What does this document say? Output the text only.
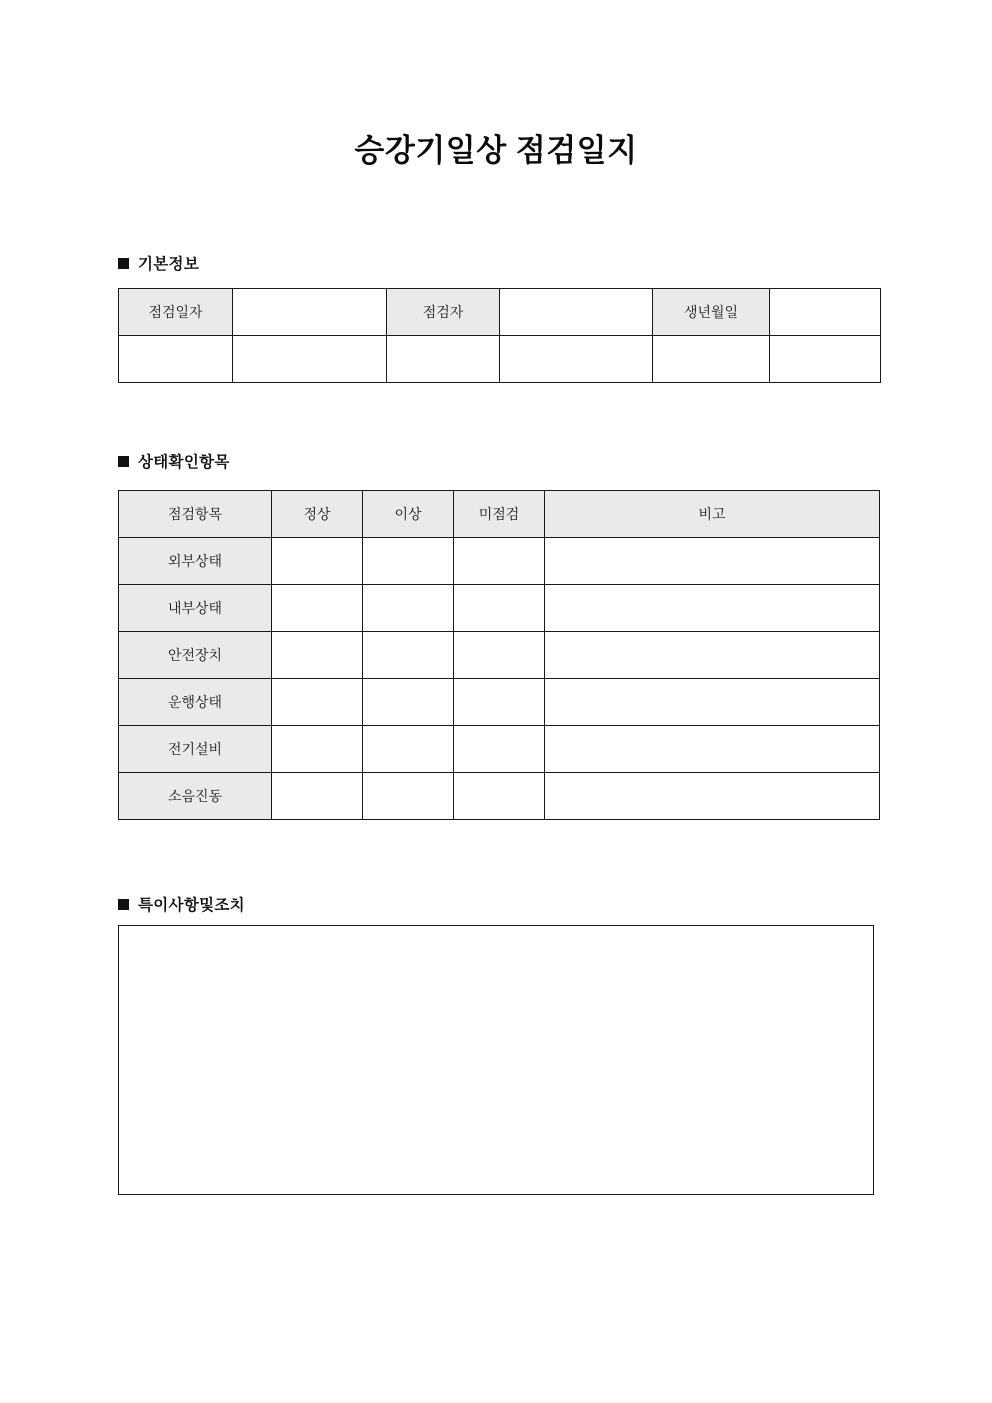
승강기일상 점검일지
기본정보
점검일자		점검자		생년월일	

상태확인항목
점검항목	정상	이상	미점검	비고
외부상태				
내부상태				
안전장치				
운행상태				
전기설비				
소음진동				
특이사항및조치
